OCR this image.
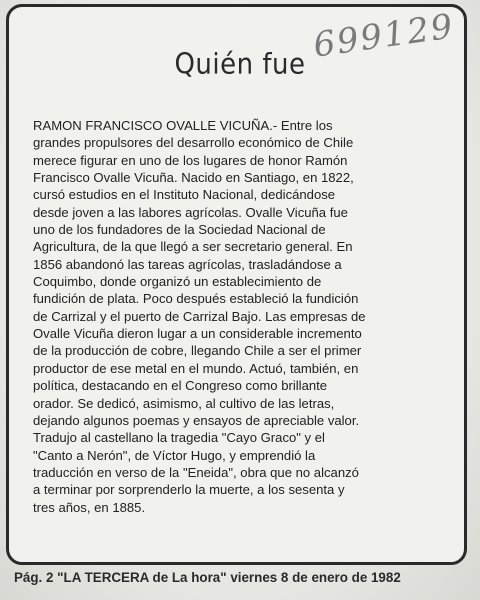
Quién fue 699129
RAMON FRANCISCO OVALLE VICUÑA.- Entre los
grandes propulsores del desarrollo económico de Chile
merece figurar en uno de los lugares de honor Ramón
Francisco Ovalle Vicuña. Nacido en Santiago, en 1822,
cursó estudios en el Instituto Nacional, dedicándose
desde joven a las labores agrícolas. Ovalle Vicuña fue
uno de los fundadores de la Sociedad Nacional de
Agricultura, de la que llegó a ser secretario general. En
1856 abandonó las tareas agrícolas, trasladándose a
Coquimbo, donde organizó un establecimiento de
fundición de plata. Poco después estableció la fundición
de Carrizal y el puerto de Carrizal Bajo. Las empresas de
Ovalle Vicuña dieron lugar a un considerable incremento
de la producción de cobre, llegando Chile a ser el primer
productor de ese metal en el mundo. Actuó, también, en
política, destacando en el Congreso como brillante
orador. Se dedicó, asimismo, al cultivo de las letras,
dejando algunos poemas y ensayos de apreciable valor.
Tradujo al castellano la tragedia "Cayo Graco" y el
"Canto a Nerón", de Víctor Hugo, y emprendió la
traducción en verso de la "Eneida", obra que no alcanzó
a terminar por sorprenderlo la muerte, a los sesenta y
tres años, en 1885.
Pág. 2 "LA TERCERA de La hora" viernes 8 de enero de 1982
